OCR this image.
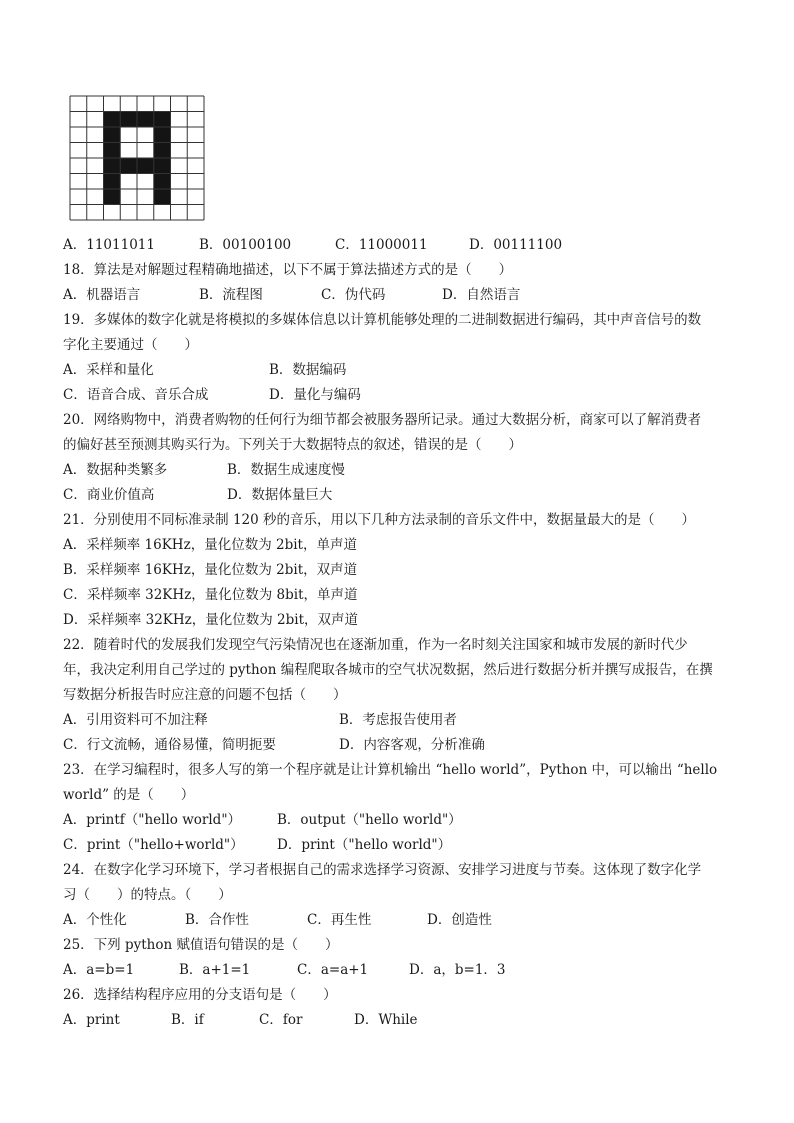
A．11011011	B．00100100	C．11000011	D．00111100
18．算法是对解题过程精确地描述，以下不属于算法描述方式的是（　　）
A．机器语言	B．流程图	C．伪代码	D．自然语言
19．多媒体的数字化就是将模拟的多媒体信息以计算机能够处理的二进制数据进行编码，其中声音信号的数
字化主要通过（　　）
A．采样和量化	B．数据编码
C．语音合成、音乐合成	D．量化与编码
20．网络购物中，消费者购物的任何行为细节都会被服务器所记录。通过大数据分析，商家可以了解消费者
的偏好甚至预测其购买行为。下列关于大数据特点的叙述，错误的是（　　）
A．数据种类繁多	B．数据生成速度慢
C．商业价值高	D．数据体量巨大
21．分别使用不同标准录制 120 秒的音乐，用以下几种方法录制的音乐文件中，数据量最大的是（　　）
A．采样频率 16KHz，量化位数为 2bit，单声道
B．采样频率 16KHz，量化位数为 2bit，双声道
C．采样频率 32KHz，量化位数为 8bit，单声道
D．采样频率 32KHz，量化位数为 2bit，双声道
22．随着时代的发展我们发现空气污染情况也在逐渐加重，作为一名时刻关注国家和城市发展的新时代少
年，我决定利用自己学过的 python 编程爬取各城市的空气状况数据，然后进行数据分析并撰写成报告，在撰
写数据分析报告时应注意的问题不包括（　　）
A．引用资料可不加注释	B．考虑报告使用者
C．行文流畅，通俗易懂，简明扼要	D．内容客观，分析准确
23．在学习编程时，很多人写的第一个程序就是让计算机输出 “hello world”，Python 中，可以输出 “hello
world” 的是（　　）
A．printf（"hello world"）	B．output（"hello world"）
C．print（"hello+world"） D．print（"hello world"）
24．在数字化学习环境下，学习者根据自己的需求选择学习资源、安排学习进度与节奏。这体现了数字化学
习（　　）的特点。（　　）
A．个性化	B．合作性	C．再生性	D．创造性
25．下列 python 赋值语句错误的是（　　）
A．a=b=1	B．a+1=1	C．a=a+1	D．a，b=1．3
26．选择结构程序应用的分支语句是（　　）
A．print	B．if	C．for	D．While
